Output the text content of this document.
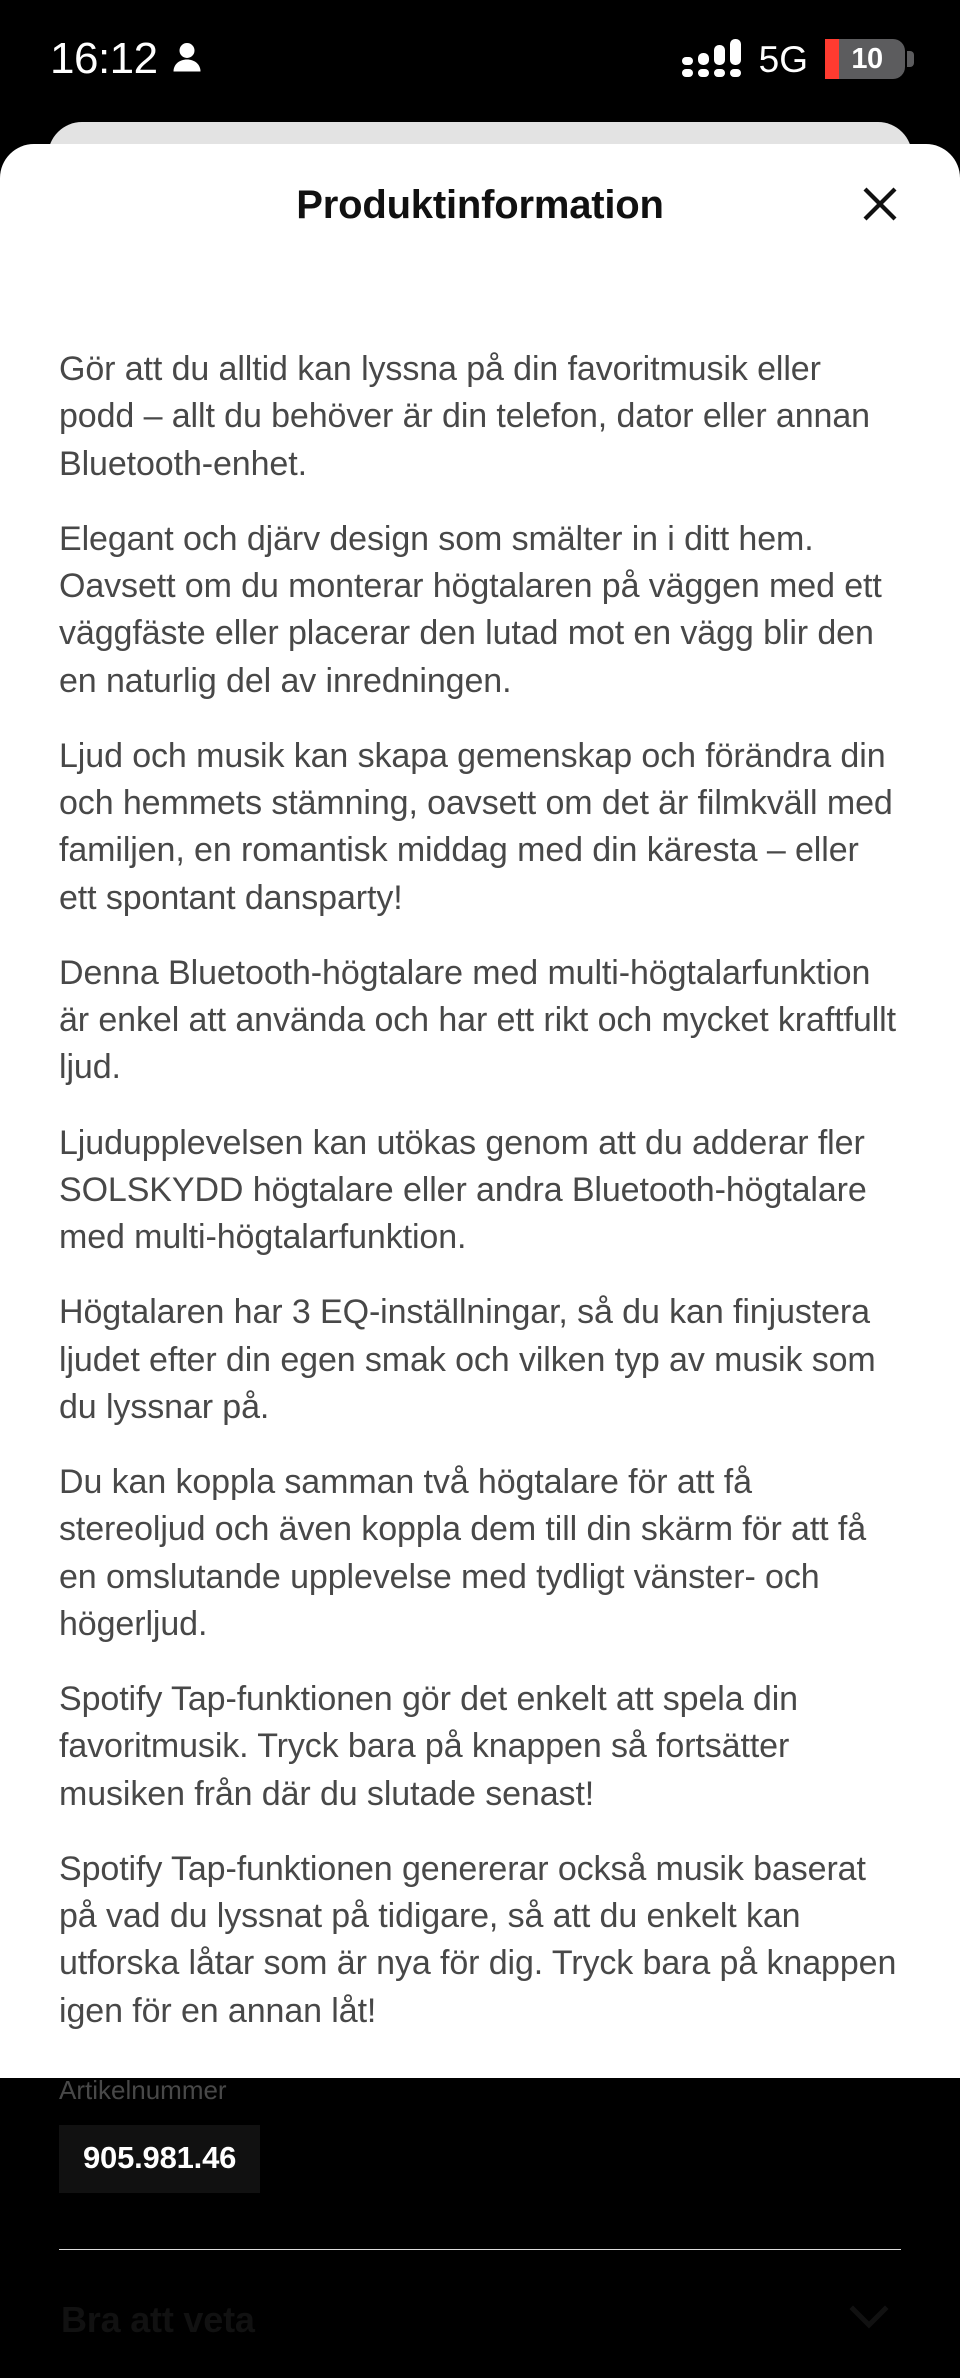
16:12	5G 10
Produktinformation

Gör att du alltid kan lyssna på din favoritmusik eller podd – allt du behöver är din telefon, dator eller annan Bluetooth-enhet.

Elegant och djärv design som smälter in i ditt hem. Oavsett om du monterar högtalaren på väggen med ett väggfäste eller placerar den lutad mot en vägg blir den en naturlig del av inredningen.

Ljud och musik kan skapa gemenskap och förändra din och hemmets stämning, oavsett om det är filmkväll med familjen, en romantisk middag med din käresta – eller ett spontant dansparty!

Denna Bluetooth-högtalare med multi-högtalarfunktion är enkel att använda och har ett rikt och mycket kraftfullt ljud.

Ljudupplevelsen kan utökas genom att du adderar fler SOLSKYDD högtalare eller andra Bluetooth-högtalare med multi-högtalarfunktion.

Högtalaren har 3 EQ-inställningar, så du kan finjustera ljudet efter din egen smak och vilken typ av musik som du lyssnar på.

Du kan koppla samman två högtalare för att få stereoljud och även koppla dem till din skärm för att få en omslutande upplevelse med tydligt vänster- och högerljud.

Spotify Tap-funktionen gör det enkelt att spela din favoritmusik. Tryck bara på knappen så fortsätter musiken från där du slutade senast!

Spotify Tap-funktionen genererar också musik baserat på vad du lyssnat på tidigare, så att du enkelt kan utforska låtar som är nya för dig. Tryck bara på knappen igen för en annan låt!

Artikelnummer
905.981.46
Bra att veta
